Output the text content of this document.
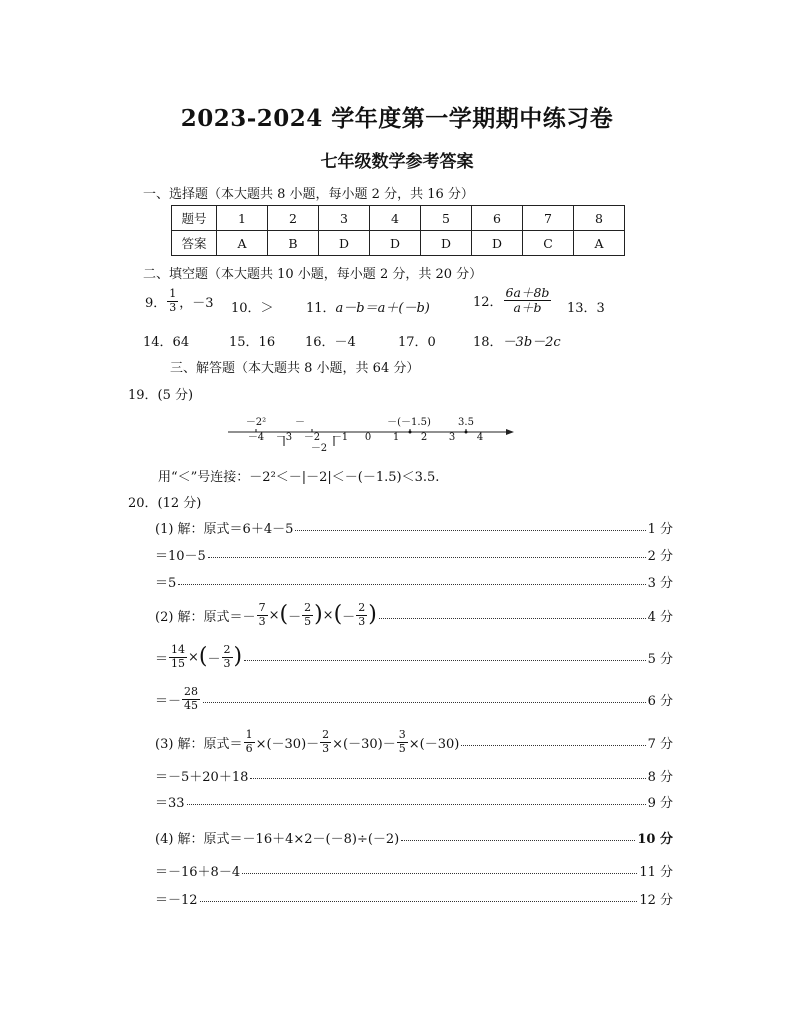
2023-2024 学年度第一学期期中练习卷
七年级数学参考答案
一、选择题（本大题共 8 小题，每小题 2 分，共 16 分）
题号	1	2	3	4	5	6	7	8
答案	A	B	D	D	D	D	C	A
二、填空题（本大题共 10 小题，每小题 2 分，共 20 分）
9． $\frac{1}{3}$ ，－3 10．＞ 11．a－b＝a＋(－b)	12． $\frac{6a+8b}{a+b} 13$．3
14．64	15．16 16．－4	17．0	18．－3b－2c
三、解答题（本大题共 8 小题，共 64 分）
19．(5 分)
－4 －3 －2 －1 0 1 2 3 4
－2²	－	－(－1.5)	3.5
－2
用“＜”号连接：－2²＜－|－2|＜－(－1.5)＜3.5.
20．(12 分)
(1) 解：原式＝6＋4－5	1 分
＝10－5	2 分
＝5	3 分
(2) 解：原式＝－ $\frac{7}{3}$ × ( － $\frac{2}{5}$ ) × ( － $\frac{2}{3}$ )	4 分
＝ $\frac{14}{15}$ × ( － $\frac{2}{3}$ )	5 分
＝－ $\frac{28}{45}$	6 分
(3) 解：原式＝ $\frac{1}{6} \times(-30)- \frac{2}{3} \times(-30)- \frac{3}{5} \times(-30)$	7 分
＝－5＋20＋18	8 分
＝33	9 分
(4) 解：原式＝－16＋4×2－(－8)÷(－2)	10 分
＝－16＋8－4	11 分
＝－12	12 分
